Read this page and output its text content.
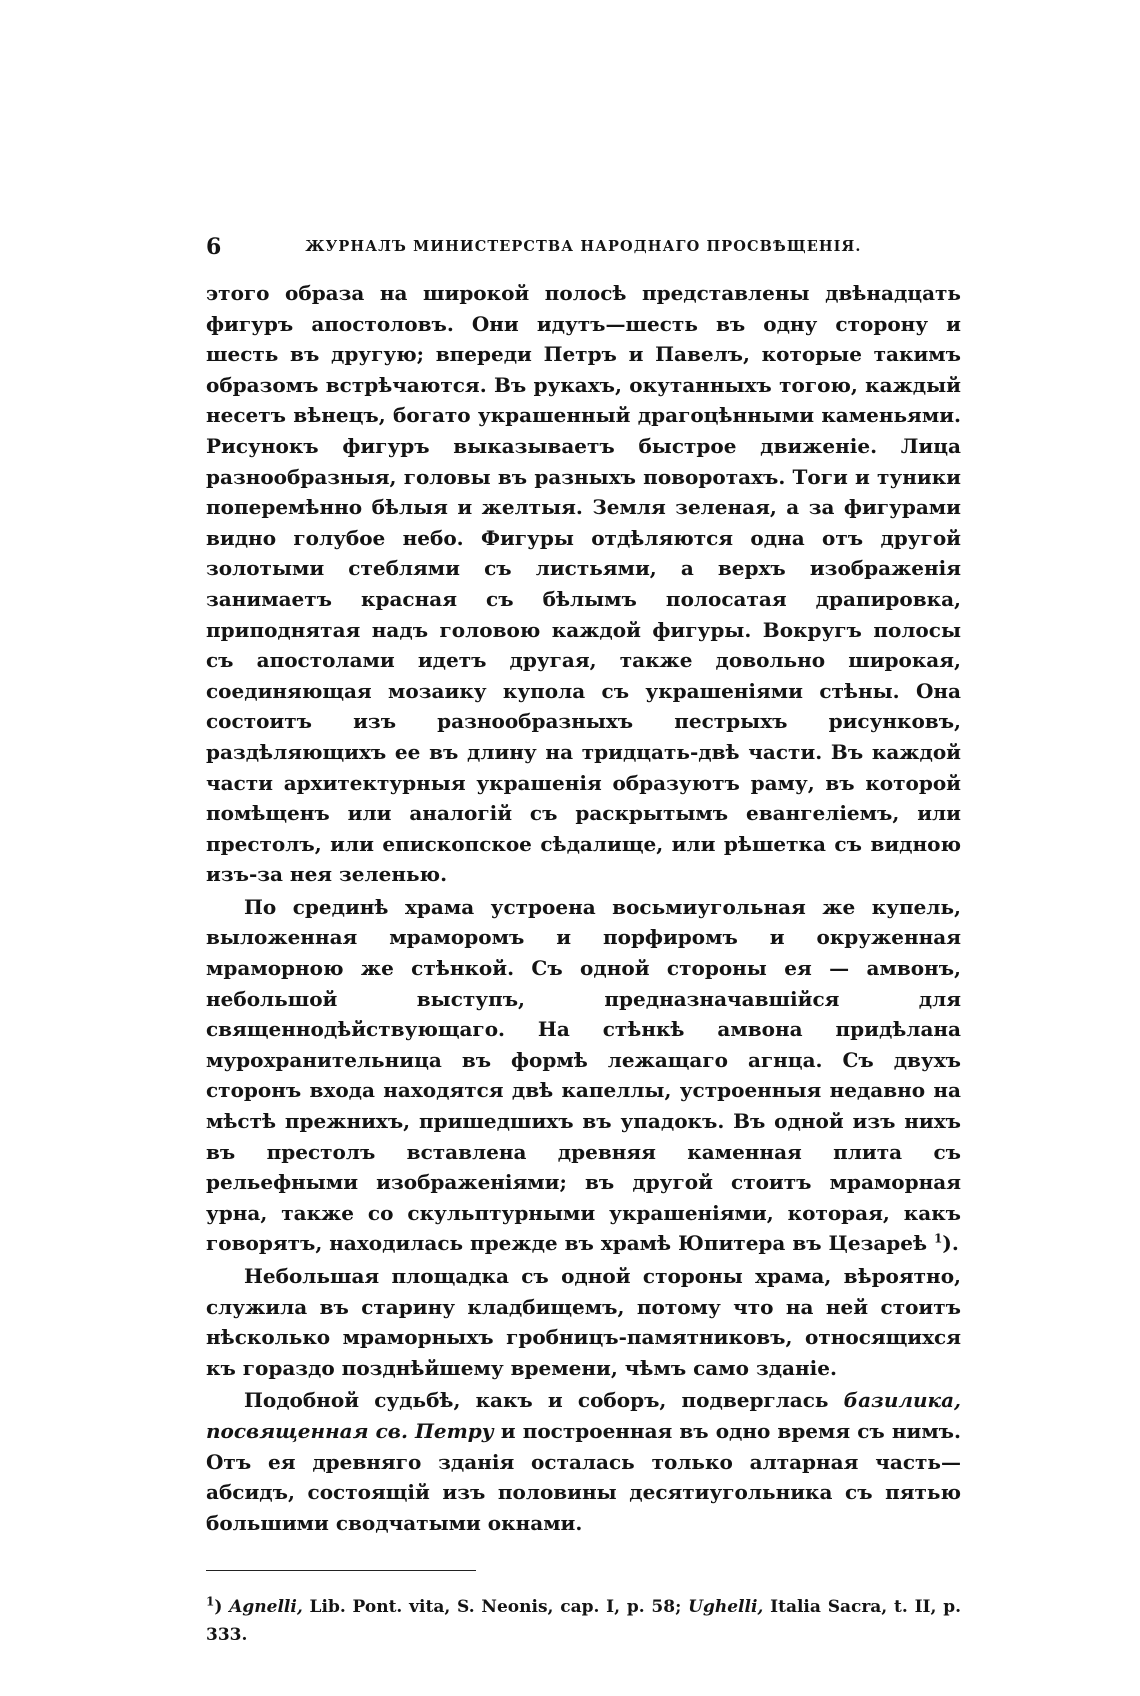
6	ЖУРНАЛЪ МИНИСТЕРСТВА НАРОДНАГО ПРОСВѢЩЕНІЯ.

этого образа на широкой полосѣ представлены двѣнадцать фигуръ апостоловъ. Они идутъ—шесть въ одну сторону и шесть въ другую; впереди Петръ и Павелъ, которые такимъ образомъ встрѣчаются. Въ рукахъ, окутанныхъ тогою, каждый несетъ вѣнецъ, богато украшенный драгоцѣнными каменьями. Рисунокъ фигуръ выказываетъ быстрое движеніе. Лица разнообразныя, головы въ разныхъ поворотахъ. Тоги и туники поперемѣнно бѣлыя и желтыя. Земля зеленая, а за фигурами видно голубое небо. Фигуры отдѣляются одна отъ другой золотыми стеблями съ листьями, а верхъ изображенія занимаетъ красная съ бѣлымъ полосатая драпировка, приподнятая надъ головою каждой фигуры. Вокругъ полосы съ апостолами идетъ другая, также довольно широкая, соединяющая мозаику купола съ украшеніями стѣны. Она состоитъ изъ разнообразныхъ пестрыхъ рисунковъ, раздѣляющихъ ее въ длину на тридцать-двѣ части. Въ каждой части архитектурныя украшенія образуютъ раму, въ которой помѣщенъ или аналогій съ раскрытымъ евангеліемъ, или престолъ, или епископское сѣдалище, или рѣшетка съ видною изъ-за нея зеленью.

По срединѣ храма устроена восьмиугольная же купель, выложенная мраморомъ и порфиромъ и окруженная мраморною же стѣнкой. Съ одной стороны ея — амвонъ, небольшой выступъ, предназначавшійся для священнодѣйствующаго. На стѣнкѣ амвона придѣлана мурохранительница въ формѣ лежащаго агнца. Съ двухъ сторонъ входа находятся двѣ капеллы, устроенныя недавно на мѣстѣ прежнихъ, пришедшихъ въ упадокъ. Въ одной изъ нихъ въ престолъ вставлена древняя каменная плита съ рельефными изображеніями; въ другой стоитъ мраморная урна, также со скульптурными украшеніями, которая, какъ говорятъ, находилась прежде въ храмѣ Юпитера въ Цезареѣ $^1$).

Небольшая площадка съ одной стороны храма, вѣроятно, служила въ старину кладбищемъ, потому что на ней стоитъ нѣсколько мраморныхъ гробницъ-памятниковъ, относящихся къ гораздо позднѣйшему времени, чѣмъ само зданіе.

Подобной судьбѣ, какъ и соборъ, подверглась базилика, посвященная св. Петру и построенная въ одно время съ нимъ. Отъ ея древняго зданія осталась только алтарная часть—абсидъ, состоящій изъ половины десятиугольника съ пятью большими сводчатыми окнами.

$^1$) Agnelli, Lib. Pont. vita, S. Neonis, cap. I, p. 58; Ughelli, Italia Sacra, t. II, p. 333.
